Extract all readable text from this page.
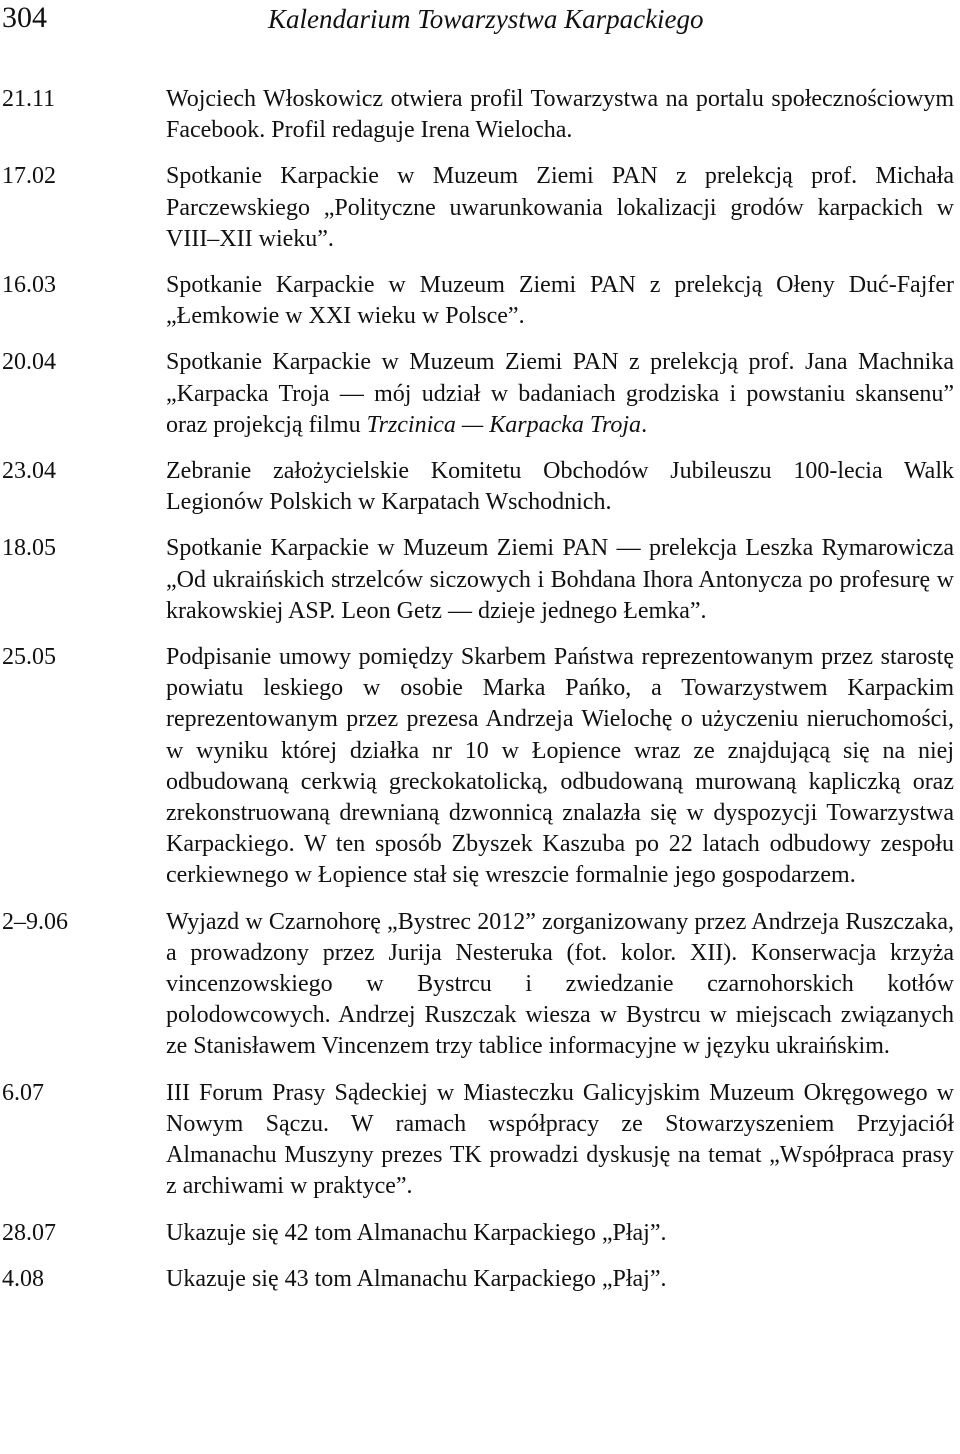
304	Kalendarium Towarzystwa Karpackiego
21.11	Wojciech Włoskowicz otwiera profil Towarzystwa na portalu społecznościowym Facebook. Profil redaguje Irena Wielocha.
17.02	Spotkanie Karpackie w Muzeum Ziemi PAN z prelekcją prof. Michała Parczewskiego „Polityczne uwarunkowania lokalizacji grodów karpackich w VIII–XII wieku”.
16.03	Spotkanie Karpackie w Muzeum Ziemi PAN z prelekcją Ołeny Duć-Fajfer „Łemkowie w XXI wieku w Polsce”.
20.04	Spotkanie Karpackie w Muzeum Ziemi PAN z prelekcją prof. Jana Machnika „Karpacka Troja — mój udział w badaniach grodziska i powstaniu skansenu” oraz projekcją filmu Trzcinica — Karpacka Troja.
23.04	Zebranie założycielskie Komitetu Obchodów Jubileuszu 100-lecia Walk Legionów Polskich w Karpatach Wschodnich.
18.05	Spotkanie Karpackie w Muzeum Ziemi PAN — prelekcja Leszka Rymarowicza „Od ukraińskich strzelców siczowych i Bohdana Ihora Antonycza po profesurę w krakowskiej ASP. Leon Getz — dzieje jednego Łemka”.
25.05	Podpisanie umowy pomiędzy Skarbem Państwa reprezentowanym przez starostę powiatu leskiego w osobie Marka Pańko, a Towarzystwem Karpackim reprezentowanym przez prezesa Andrzeja Wielochę o użyczeniu nieruchomości, w wyniku której działka nr 10 w Łopience wraz ze znajdującą się na niej odbudowaną cerkwią greckokatolicką, odbudowaną murowaną kapliczką oraz zrekonstruowaną drewnianą dzwonnicą znalazła się w dyspozycji Towarzystwa Karpackiego. W ten sposób Zbyszek Kaszuba po 22 latach odbudowy zespołu cerkiewnego w Łopience stał się wreszcie formalnie jego gospodarzem.
2–9.06	Wyjazd w Czarnohorę „Bystrec 2012” zorganizowany przez Andrzeja Ruszczaka, a prowadzony przez Jurija Nesteruka (fot. kolor. XII). Konserwacja krzyża vincenzowskiego w Bystrcu i zwiedzanie czarnohorskich kotłów polodowcowych. Andrzej Ruszczak wiesza w Bystrcu w miejscach związanych ze Stanisławem Vincenzem trzy tablice informacyjne w języku ukraińskim.
6.07	III Forum Prasy Sądeckiej w Miasteczku Galicyjskim Muzeum Okręgowego w Nowym Sączu. W ramach współpracy ze Stowarzyszeniem Przyjaciół Almanachu Muszyny prezes TK prowadzi dyskusję na temat „Współpraca prasy z archiwami w praktyce”.
28.07	Ukazuje się 42 tom Almanachu Karpackiego „Płaj”.
4.08	Ukazuje się 43 tom Almanachu Karpackiego „Płaj”.
